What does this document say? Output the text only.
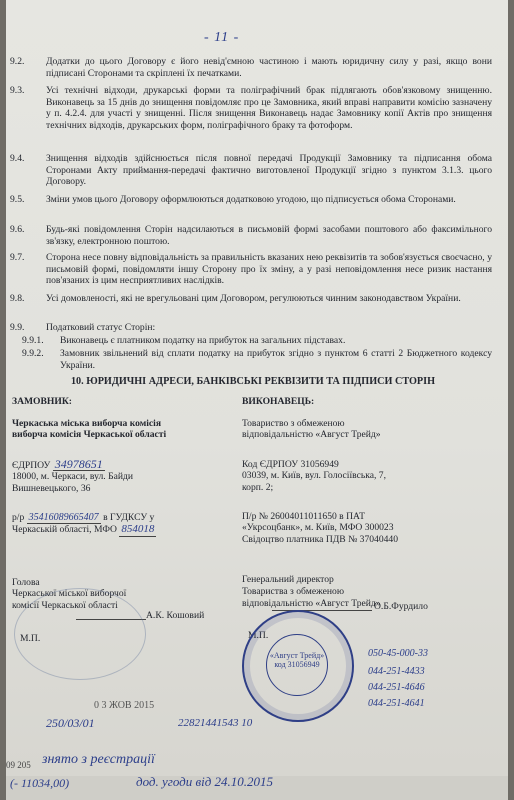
- 11 -
9.2. Додатки до цього Договору є його невід'ємною частиною і мають юридичну силу у разі, якщо вони підписані Сторонами та скріплені їх печатками.
9.3. Усі технічні відходи, друкарські форми та поліграфічний брак підлягають обов'язковому знищенню. Виконавець за 15 днів до знищення повідомляє про це Замовника, який вправі направити комісію зазначену у п. 4.2.4. для участі у знищенні. Після знищення Виконавець надає Замовнику копії Актів про знищення технічних відходів, друкарських форм, поліграфічного браку та фотоформ.
9.4. Знищення відходів здійснюється після повної передачі Продукції Замовнику та підписання обома Сторонами Акту приймання-передачі фактично виготовленої Продукції згідно з пунктом 3.1.3. цього Договору.
9.5. Зміни умов цього Договору оформлюються додатковою угодою, що підписується обома Сторонами.
9.6. Будь-які повідомлення Сторін надсилаються в письмовій формі засобами поштового або факсимільного зв'язку, електронною поштою.
9.7. Сторона несе повну відповідальність за правильність вказаних нею реквізитів та зобов'язується своєчасно, у письмовій формі, повідомляти іншу Сторону про їх зміну, а у разі неповідомлення несе ризик настання пов'язаних із цим несприятливих наслідків.
9.8. Усі домовленості, які не врегульовані цим Договором, регулюються чинним законодавством України.
9.9. Податковий статус Сторін:
9.9.1. Виконавець є платником податку на прибуток на загальних підставах.
9.9.2. Замовник звільнений від сплати податку на прибуток згідно з пунктом 6 статті 2 Бюджетного кодексу України.
10. ЮРИДИЧНІ АДРЕСИ, БАНКІВСЬКІ РЕКВІЗИТИ ТА ПІДПИСИ СТОРІН
ЗАМОВНИК:
Черкаська міська виборча комісія
виборча комісія Черкаської області
ЄДРПОУ 34978651
18000, м. Черкаси, вул. Байди
Вишневецького, 36
р/р 35416089665407 в ГУДКСУ у
Черкаській області, МФО 854018
Голова
Черкаської міської виборчої
комісії Черкаської області
А.К. Кошовий
М.П.
ВИКОНАВЕЦЬ:
Товариство з обмеженою
відповідальністю «Август Трейд»
Код ЄДРПОУ 31056949
03039, м. Київ, вул. Голосіївська, 7,
корп. 2;
П/р № 26004011011650 в ПАТ
«Укрсоцбанк», м. Київ, МФО 300023
Свідоцтво платника ПДВ № 37040440
Генеральний директор
Товариства з обмеженою
відповідальністю «Август Трейд»
О.Б.Фурдило
М.П.
«Август Трейд»
код 31056949
050-45-000-33
044-251-4433
044-251-4646
044-251-4641
0 3 ЖОВ 2015
250/03/01	22821441543 10
09 205 знято з реєстрації
(- 11034,00)	дод. угоди від 24.10.2015
